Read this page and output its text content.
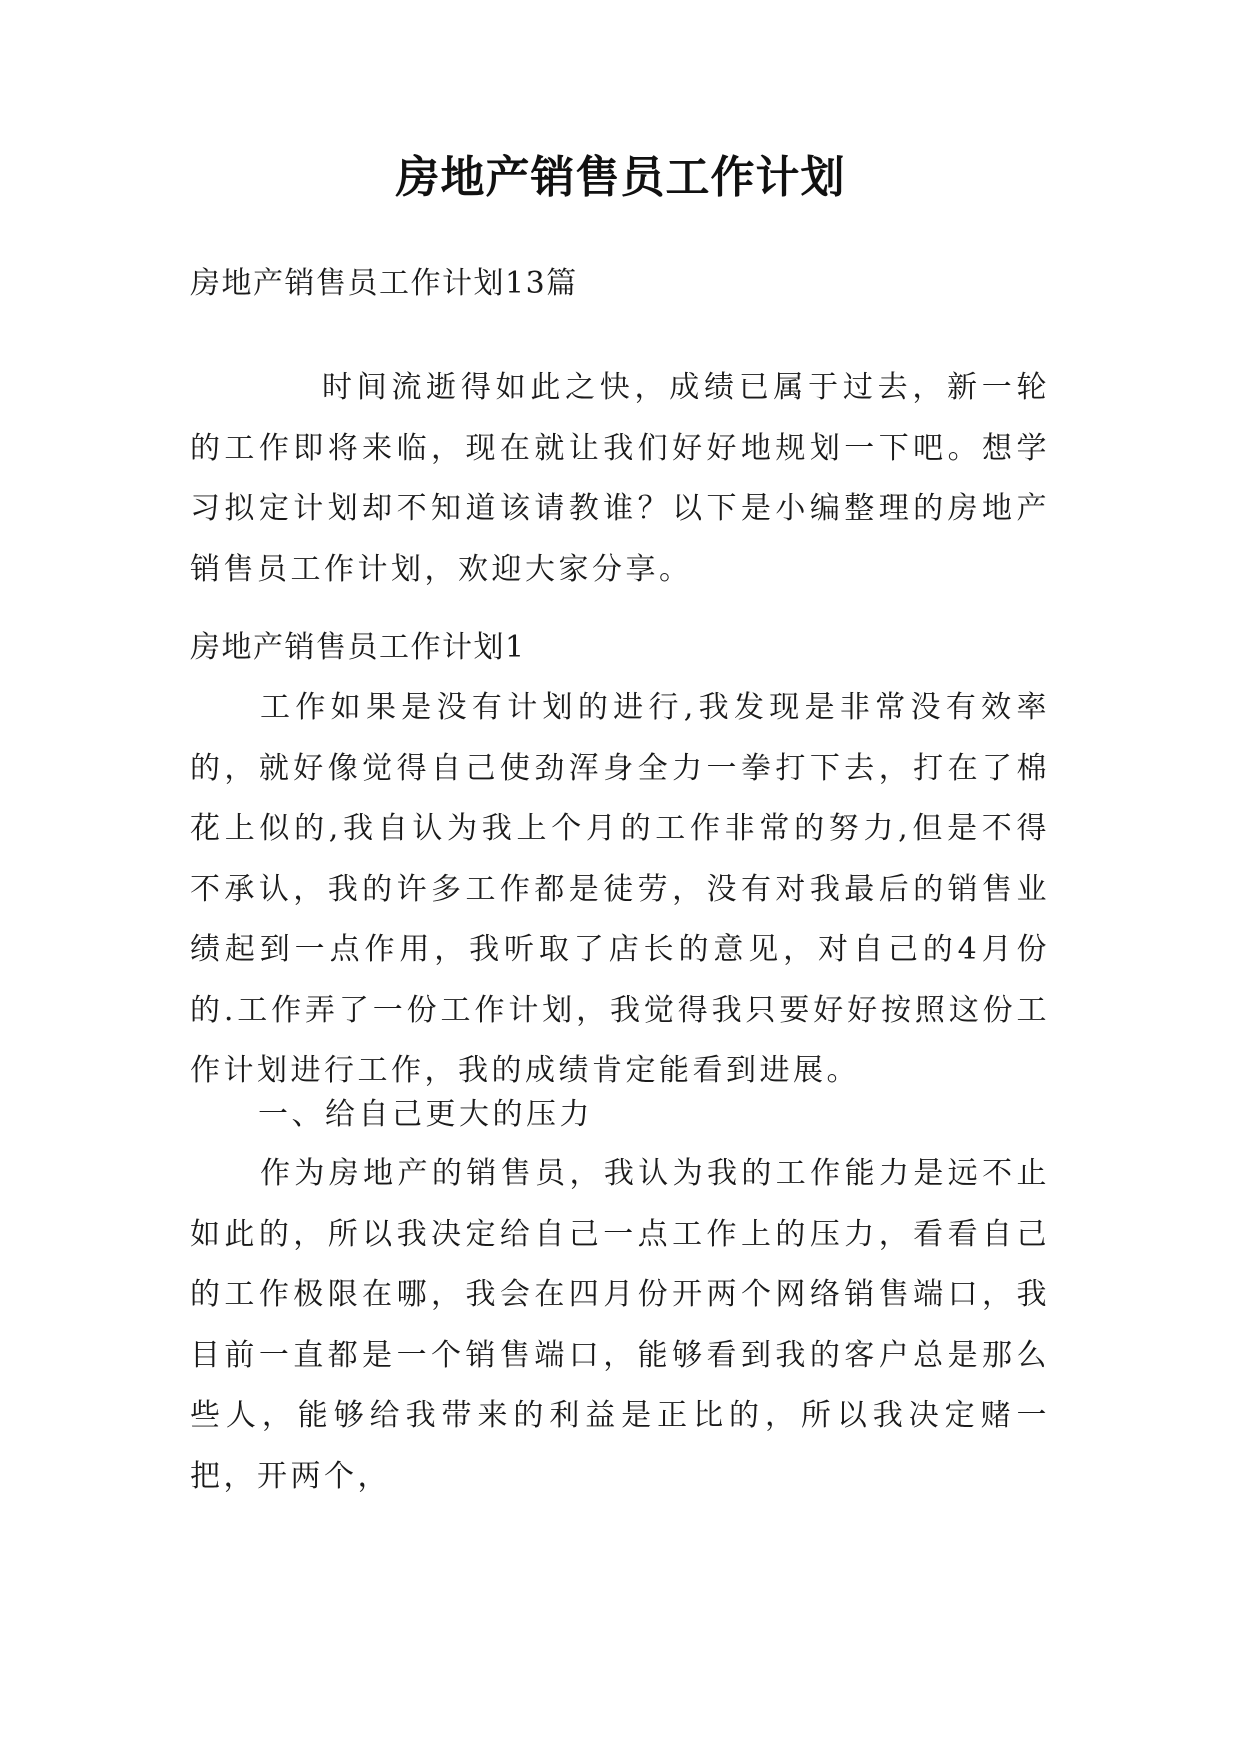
房地产销售员工作计划

房地产销售员工作计划13篇

时间流逝得如此之快，成绩已属于过去，新一轮的工作即将来临，现在就让我们好好地规划一下吧。想学习拟定计划却不知道该请教谁？以下是小编整理的房地产销售员工作计划，欢迎大家分享。

房地产销售员工作计划1

工作如果是没有计划的进行,我发现是非常没有效率的，就好像觉得自己使劲浑身全力一拳打下去，打在了棉花上似的,我自认为我上个月的工作非常的努力,但是不得不承认，我的许多工作都是徒劳，没有对我最后的销售业绩起到一点作用，我听取了店长的意见，对自己的4月份的.工作弄了一份工作计划，我觉得我只要好好按照这份工作计划进行工作，我的成绩肯定能看到进展。

一、给自己更大的压力

作为房地产的销售员，我认为我的工作能力是远不止如此的，所以我决定给自己一点工作上的压力，看看自己的工作极限在哪，我会在四月份开两个网络销售端口，我目前一直都是一个销售端口，能够看到我的客户总是那么些人，能够给我带来的利益是正比的，所以我决定赌一把，开两个，
